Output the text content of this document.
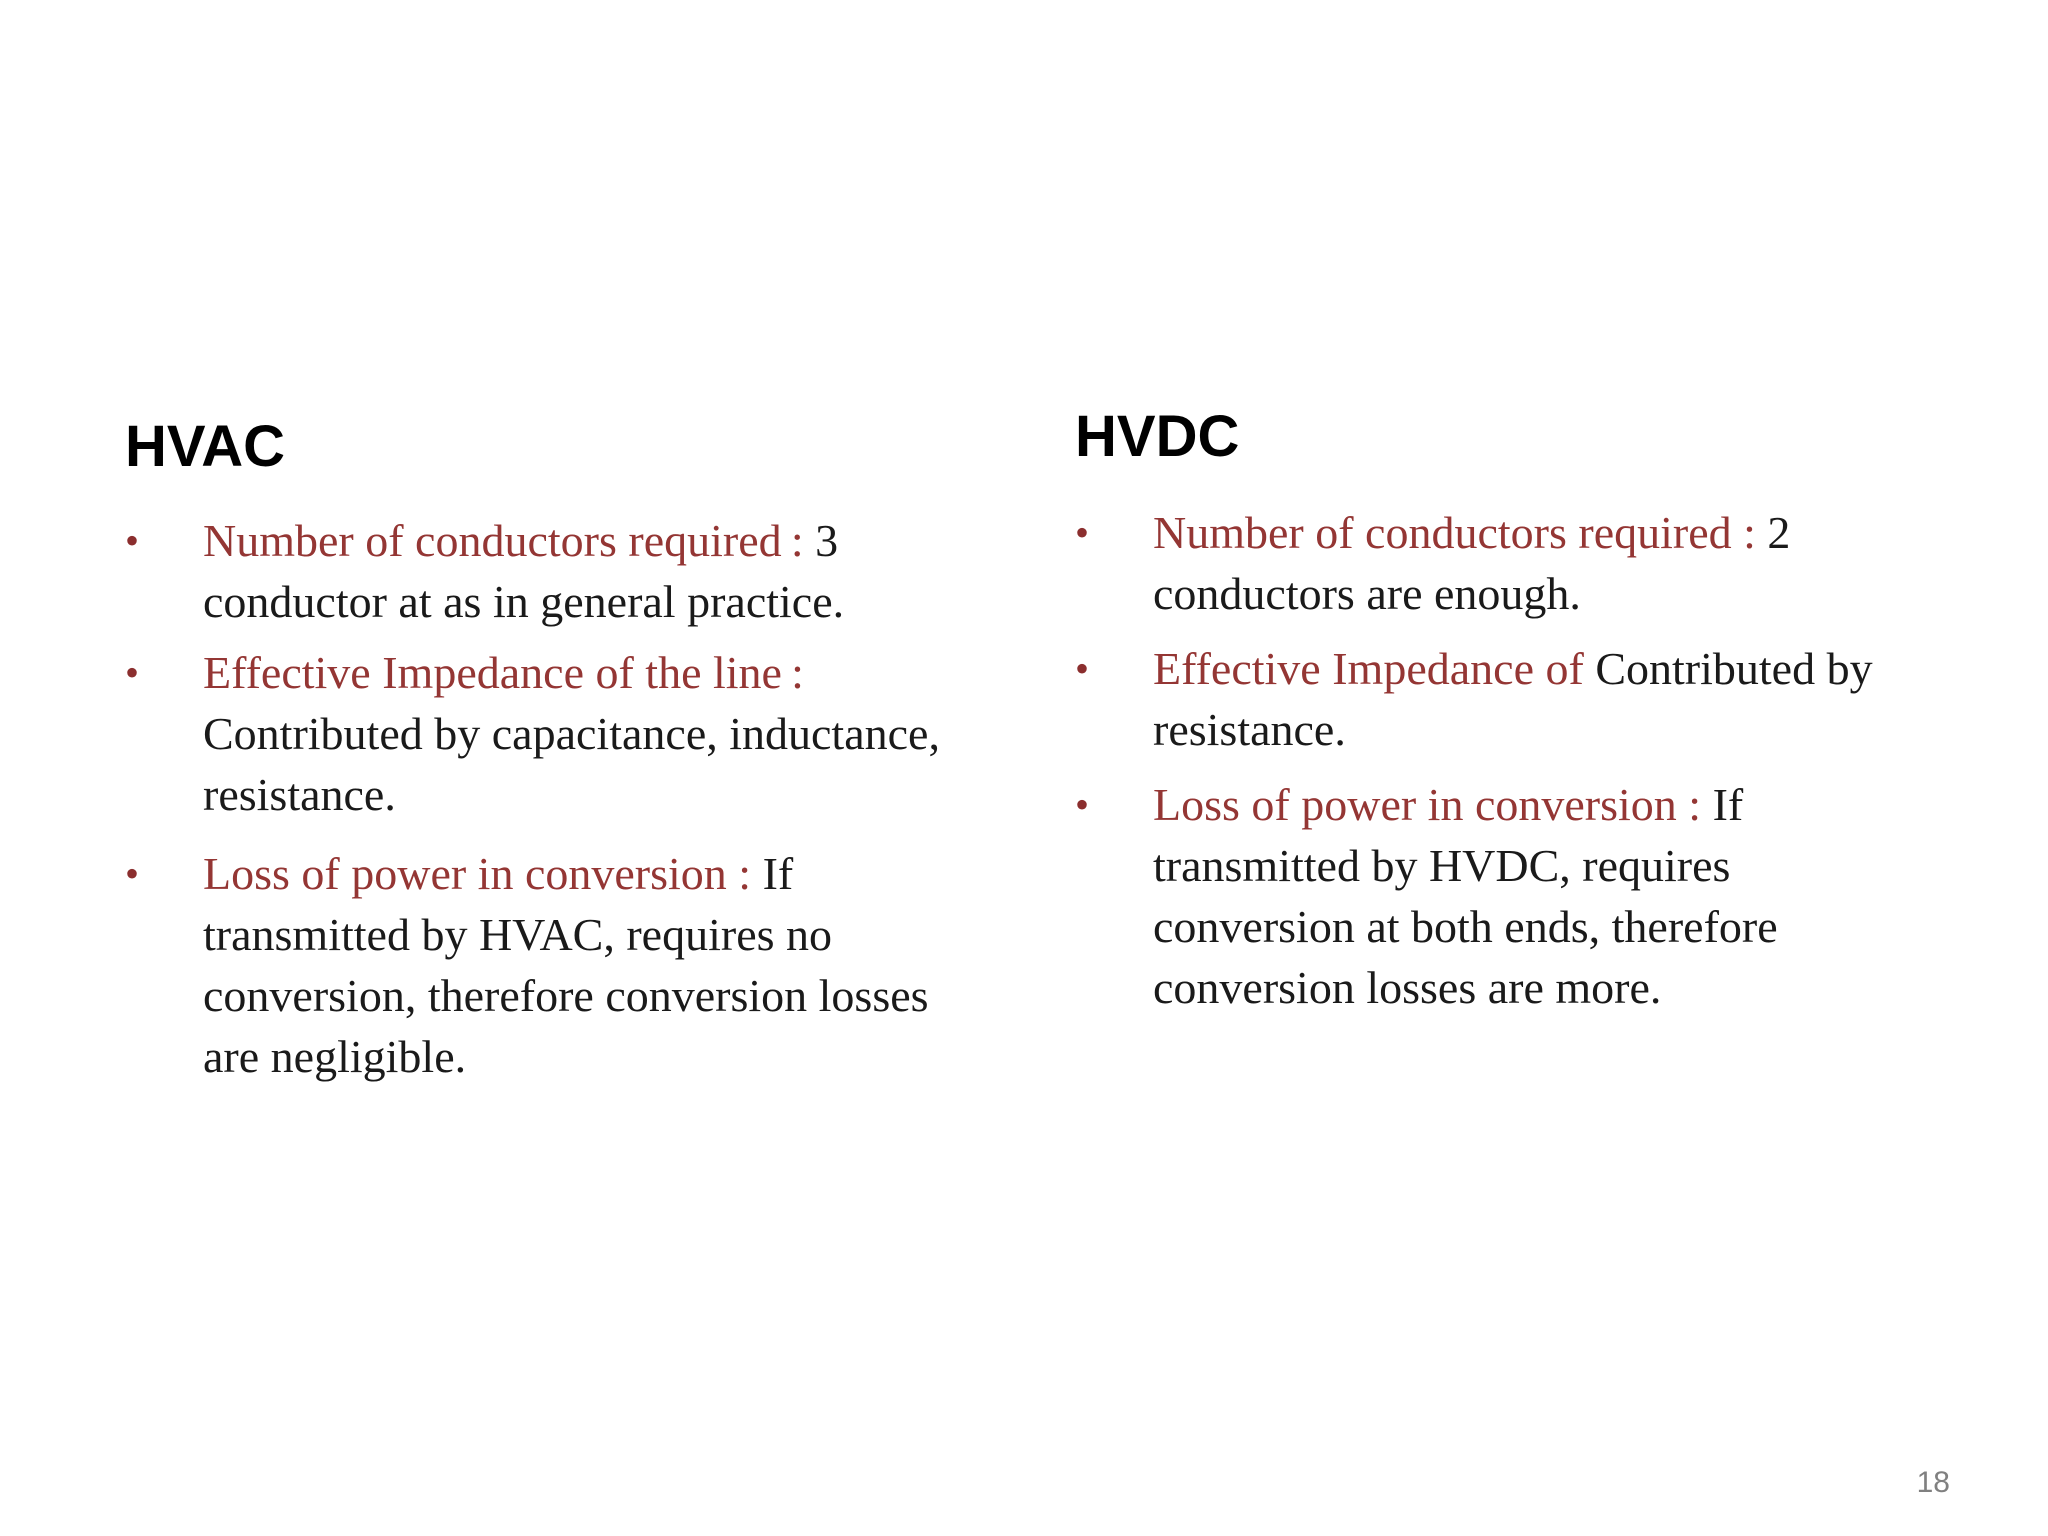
HVAC
•	Number of conductors required : 3 conductor at as in general practice.
•	Effective Impedance of the line : Contributed by capacitance, inductance, resistance.
•	Loss of power in conversion : If transmitted by HVAC, requires no conversion, therefore conversion losses are negligible.
HVDC
•	Number of conductors required : 2 conductors are enough.
•	Effective Impedance of Contributed by resistance.
•	Loss of power in conversion : If transmitted by HVDC, requires conversion at both ends, therefore conversion losses are more.
18
